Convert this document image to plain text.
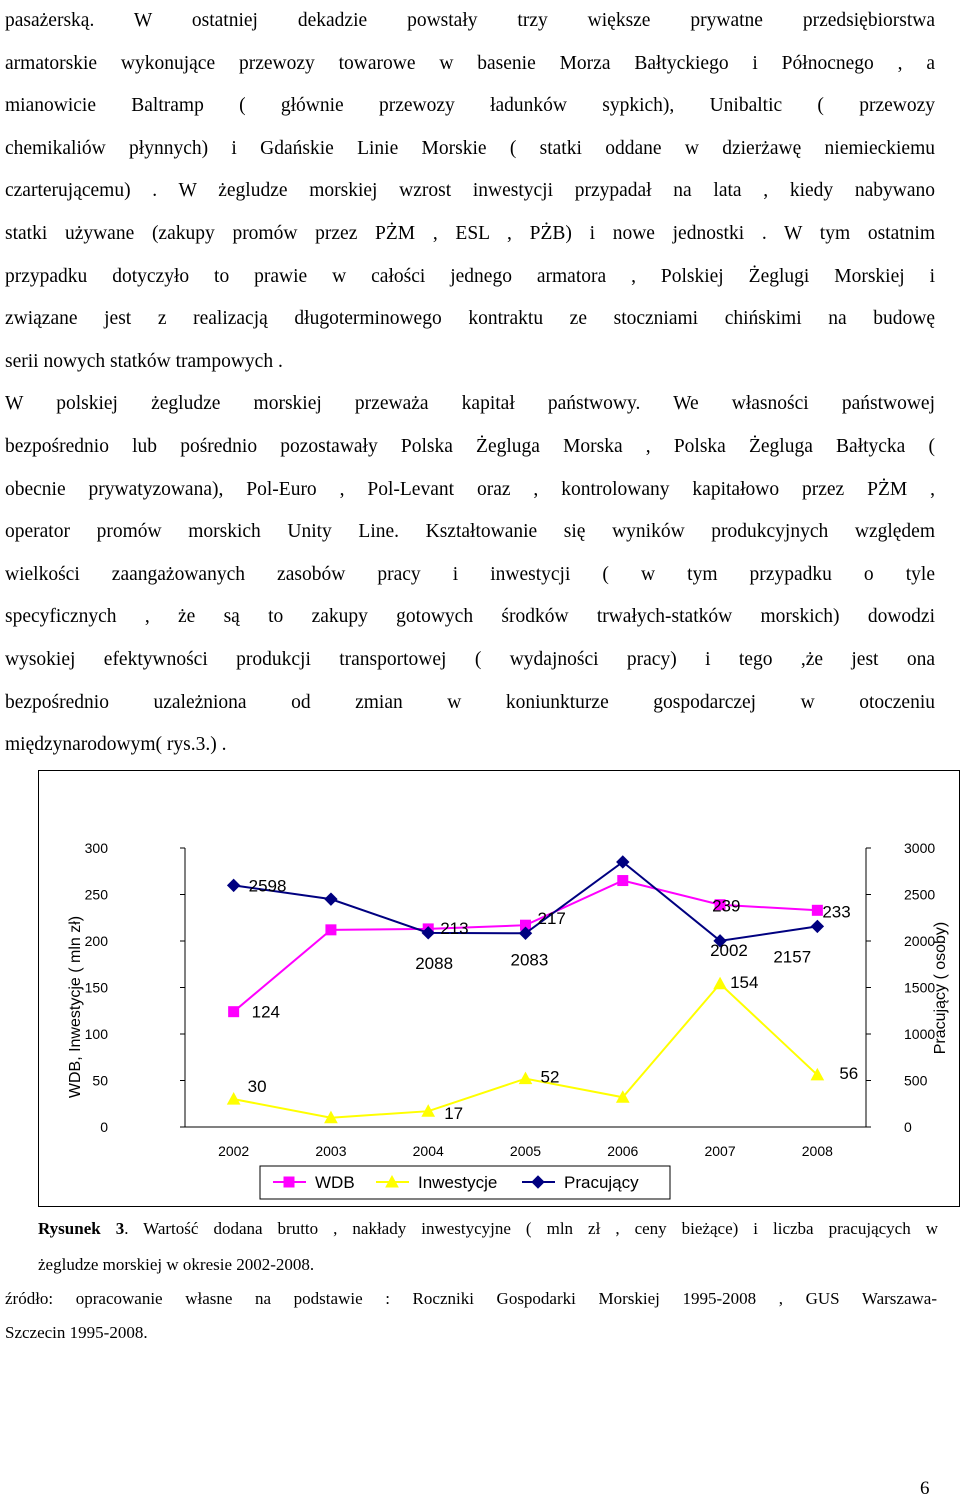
pasażerską. W ostatniej dekadzie powstały trzy większe prywatne przedsiębiorstwa
armatorskie wykonujące przewozy towarowe w basenie Morza Bałtyckiego i Północnego , a
mianowicie Baltramp ( głównie przewozy ładunków sypkich), Unibaltic ( przewozy
chemikaliów płynnych) i Gdańskie Linie Morskie ( statki oddane w dzierżawę niemieckiemu
czarterującemu) . W żegludze morskiej wzrost inwestycji przypadał na lata , kiedy nabywano
statki używane (zakupy promów przez PŻM , ESL , PŻB) i nowe jednostki . W tym ostatnim
przypadku dotyczyło to prawie w całości jednego armatora , Polskiej Żeglugi Morskiej i
związane jest z realizacją długoterminowego kontraktu ze stoczniami chińskimi na budowę
serii nowych statków trampowych .
W polskiej żegludze morskiej przeważa kapitał państwowy. We własności państwowej
bezpośrednio lub pośrednio pozostawały Polska Żegluga Morska , Polska Żegluga Bałtycka (
obecnie prywatyzowana), Pol-Euro , Pol-Levant oraz , kontrolowany kapitałowo przez PŻM ,
operator promów morskich Unity Line. Kształtowanie się wyników produkcyjnych względem
wielkości zaangażowanych zasobów pracy i inwestycji ( w tym przypadku o tyle
specyficznych , że są to zakupy gotowych środków trwałych-statków morskich) dowodzi
wysokiej efektywności produkcji transportowej ( wydajności pracy) i tego ,że jest ona
bezpośrednio uzależniona od zmian w koniunkturze gospodarczej w otoczeniu
międzynarodowym( rys.3.) .
0
50
100
150
200
250
300
0
500
1000
1500
2000
2500
3000
2002	2003	2004	2005	2006	2007	2008
124
213
217
239	233
30
17
52
154
56
2598
2088	2083	2002 2157
WDB, Inwestycje ( mln zł)	Pracujący ( osoby)
WDB	Inwestycje	Pracujący
Rysunek 3. Wartość dodana brutto , nakłady inwestycyjne ( mln zł , ceny bieżące) i liczba pracujących w
żegludze morskiej w okresie 2002-2008.
źródło: opracowanie własne na podstawie : Roczniki Gospodarki Morskiej 1995-2008 , GUS Warszawa-
Szczecin 1995-2008.
6
